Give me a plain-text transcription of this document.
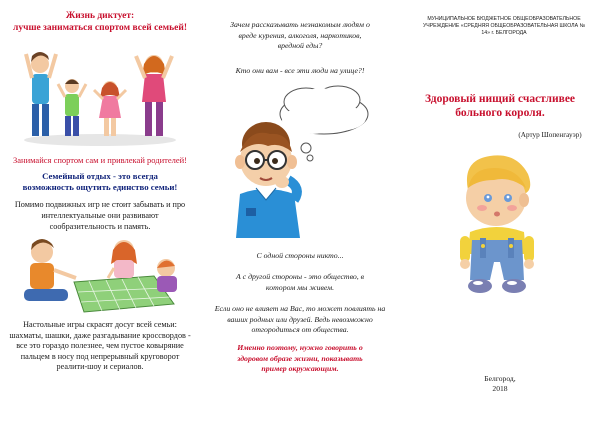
Жизнь диктует:
лучше заниматься спортом всей семьей!

Занимайся спортом сам и привлекай родителей!

Семейный отдых - это всегда возможность ощутить единство семьи!

Помимо подвижных игр не стоит забывать и про интеллектуальные они развивают сообразительность и память.

Настольные игры скрасят досуг всей семьи: шахматы, шашки, даже разгадывание кроссвордов - все это гораздо полезнее, чем пустое ковыряние пальцем в носу под непрерывный круговорот реалити-шоу и сериалов.

Зачем рассказывать незнакомым людям о вреде курения, алкоголя, наркотиков, вредной еды?

Кто они вам - все эти люди на улице?!

С одной стороны никто...

А с другой стороны - это общество, в котором мы живем.

Если оно не влияет на Вас, то может повлиять на ваших родных или друзей. Ведь невозможно отгородиться от общества.

Именно поэтому, нужно говорить о здоровом образе жизни, показывать пример окружающим.

МУНИЦИПАЛЬНОЕ БЮДЖЕТНОЕ ОБЩЕОБРАЗОВАТЕЛЬНОЕ УЧРЕЖДЕНИЕ «СРЕДНЯЯ ОБЩЕОБРАЗОВАТЕЛЬНАЯ ШКОЛА № 14» г. БЕЛГОРОДА

Здоровый нищий счастливее больного короля.

(Артур Шопенгауэр)

Белгород,

2018
